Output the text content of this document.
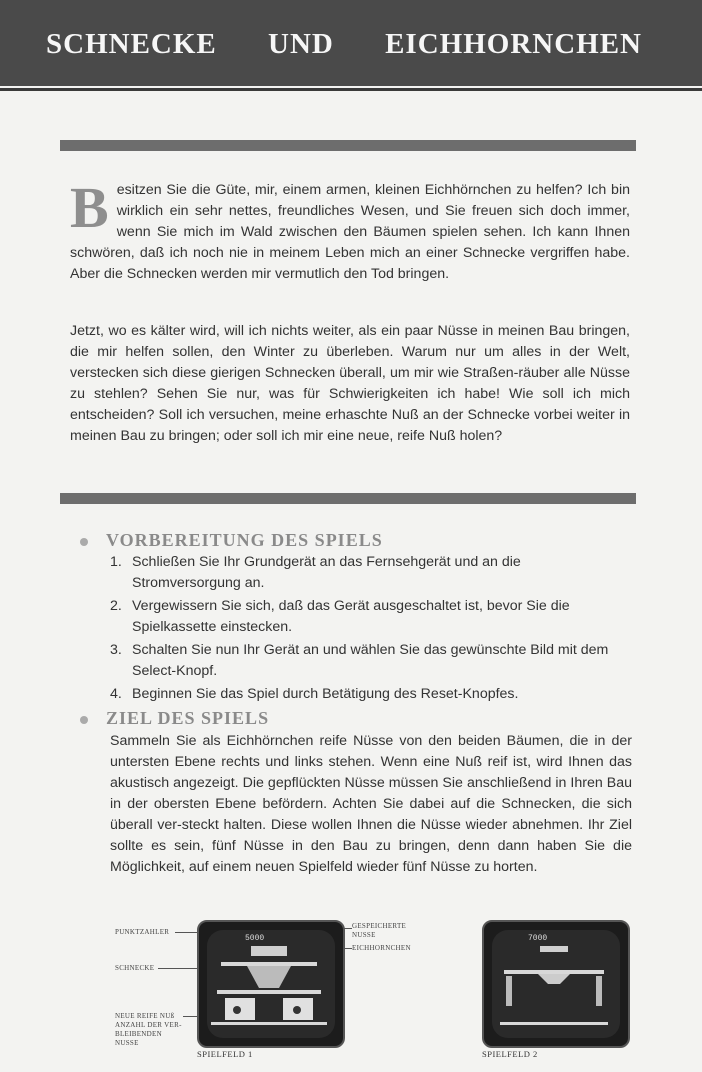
SCHNECKE UND EICHHORNCHEN
Besitzen Sie die Güte, mir, einem armen, kleinen Eichhörnchen zu helfen? Ich bin wirklich ein sehr nettes, freundliches Wesen, und Sie freuen sich doch immer, wenn Sie mich im Wald zwischen den Bäumen spielen sehen. Ich kann Ihnen schwören, daß ich noch nie in meinem Leben mich an einer Schnecke vergriffen habe. Aber die Schnecken werden mir vermutlich den Tod bringen.
Jetzt, wo es kälter wird, will ich nichts weiter, als ein paar Nüsse in meinen Bau bringen, die mir helfen sollen, den Winter zu überleben. Warum nur um alles in der Welt, verstecken sich diese gierigen Schnecken überall, um mir wie Straßen-räuber alle Nüsse zu stehlen? Sehen Sie nur, was für Schwierigkeiten ich habe! Wie soll ich mich entscheiden? Soll ich versuchen, meine erhaschte Nuß an der Schnecke vorbei weiter in meinen Bau zu bringen; oder soll ich mir eine neue, reife Nuß holen?
VORBEREITUNG DES SPIELS
1. Schließen Sie Ihr Grundgerät an das Fernsehgerät und an die Stromversorgung an.
2. Vergewissern Sie sich, daß das Gerät ausgeschaltet ist, bevor Sie die Spielkassette einstecken.
3. Schalten Sie nun Ihr Gerät an und wählen Sie das gewünschte Bild mit dem Select-Knopf.
4. Beginnen Sie das Spiel durch Betätigung des Reset-Knopfes.
ZIEL DES SPIELS
Sammeln Sie als Eichhörnchen reife Nüsse von den beiden Bäumen, die in der untersten Ebene rechts und links stehen. Wenn eine Nuß reif ist, wird Ihnen das akustisch angezeigt. Die gepflückten Nüsse müssen Sie anschließend in Ihren Bau in der obersten Ebene befördern. Achten Sie dabei auf die Schnecken, die sich überall ver-steckt halten. Diese wollen Ihnen die Nüsse wieder abnehmen. Ihr Ziel sollte es sein, fünf Nüsse in den Bau zu bringen, denn dann haben Sie die Möglichkeit, auf einem neuen Spielfeld wieder fünf Nüsse zu horten.
PUNKTZAHLER
SCHNECKE
NEUE REIFE NUß
ANZAHL DER VER-
BLEIBENDEN
NUSSE
GESPEICHERTE
NUSSE
EICHHORNCHEN
5000
SPIELFELD 1
7000
SPIELFELD 2
